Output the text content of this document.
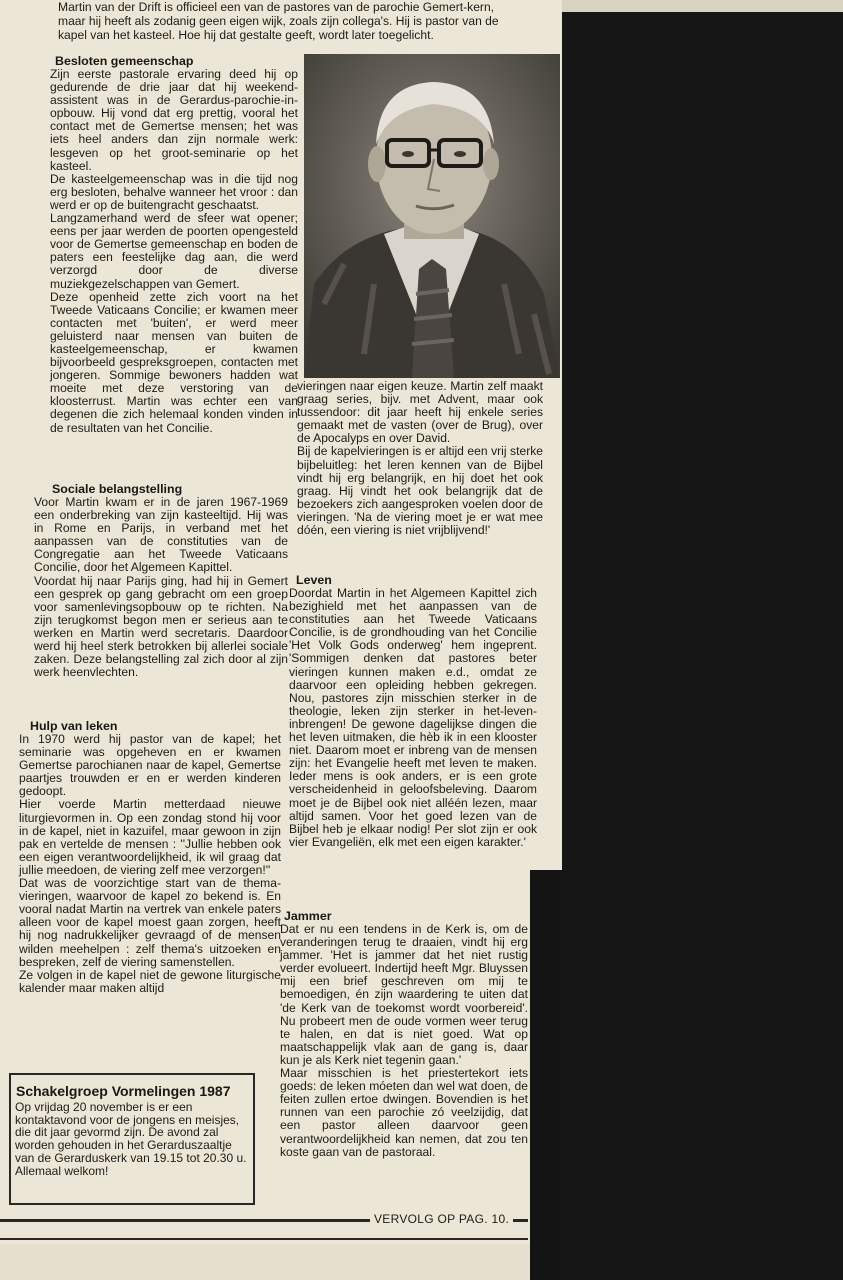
Martin van der Drift is officieel een van de pastores van de parochie Gemert-kern,
maar hij heeft als zodanig geen eigen wijk, zoals zijn collega's. Hij is pastor van de
kapel van het kasteel. Hoe hij dat gestalte geeft, wordt later toegelicht.
Besloten gemeenschap

Zijn eerste pastorale ervaring deed hij op gedurende de drie jaar dat hij weekend-assistent was in de Gerardus-parochie-in-opbouw. Hij vond dat erg prettig, vooral het contact met de Gemertse mensen; het was iets heel anders dan zijn normale werk: lesgeven op het groot-seminarie op het kasteel.

De kasteelgemeenschap was in die tijd nog erg besloten, behalve wanneer het vroor : dan werd er op de buitengracht geschaatst.

Langzamerhand werd de sfeer wat opener; eens per jaar werden de poorten opengesteld voor de Gemertse gemeenschap en boden de paters een feestelijke dag aan, die werd verzorgd door de diverse muziekgezelschappen van Gemert.

Deze openheid zette zich voort na het Tweede Vaticaans Concilie; er kwamen meer contacten met 'buiten', er werd meer geluisterd naar mensen van buiten de kasteelgemeenschap, er kwamen bijvoorbeeld gespreksgroepen, contacten met jongeren. Sommige bewoners hadden wat moeite met deze verstoring van de kloosterrust. Martin was echter een van degenen die zich helemaal konden vinden in de resultaten van het Concilie.

vieringen naar eigen keuze. Martin zelf maakt graag series, bijv. met Advent, maar ook tussendoor: dit jaar heeft hij enkele series gemaakt met de vasten (over de Brug), over de Apocalyps en over David.

Bij de kapelvieringen is er altijd een vrij sterke bijbeluitleg: het leren kennen van de Bijbel vindt hij erg belangrijk, en hij doet het ook graag. Hij vindt het ook belangrijk dat de bezoekers zich aangesproken voelen door de vieringen. 'Na de viering moet je er wat mee dóén, een viering is niet vrijblijvend!'

Sociale belangstelling

Voor Martin kwam er in de jaren 1967-1969 een onderbreking van zijn kasteeltijd. Hij was in Rome en Parijs, in verband met het aanpassen van de constituties van de Congregatie aan het Tweede Vaticaans Concilie, door het Algemeen Kapittel.

Voordat hij naar Parijs ging, had hij in Gemert een gesprek op gang gebracht om een groep voor samenlevingsopbouw op te richten. Na zijn terugkomst begon men er serieus aan te werken en Martin werd secretaris. Daardoor werd hij heel sterk betrokken bij allerlei sociale zaken. Deze belangstelling zal zich door al zijn werk heenvlechten.

Hulp van leken

In 1970 werd hij pastor van de kapel; het seminarie was opgeheven en er kwamen Gemertse parochianen naar de kapel, Gemertse paartjes trouwden er en er werden kinderen gedoopt.

Hier voerde Martin metterdaad nieuwe liturgievormen in. Op een zondag stond hij voor in de kapel, niet in kazuifel, maar gewoon in zijn pak en vertelde de mensen : ''Jullie hebben ook een eigen verantwoordelijkheid, ik wil graag dat jullie meedoen, de viering zelf mee verzorgen!''

Dat was de voorzichtige start van de thema-vieringen, waarvoor de kapel zo bekend is. En vooral nadat Martin na vertrek van enkele paters alleen voor de kapel moest gaan zorgen, heeft hij nog nadrukkelijker gevraagd of de mensen wilden meehelpen : zelf thema's uitzoeken en bespreken, zelf de viering samenstellen.

Ze volgen in de kapel niet de gewone liturgische kalender maar maken altijd

Leven

Doordat Martin in het Algemeen Kapittel zich bezighield met het aanpassen van de constituties aan het Tweede Vaticaans Concilie, is de grondhouding van het Concilie 'Het Volk Gods onderweg' hem ingeprent. 'Sommigen denken dat pastores beter vieringen kunnen maken e.d., omdat ze daarvoor een opleiding hebben gekregen. Nou, pastores zijn misschien sterker in de theologie, leken zijn sterker in het-leven-inbrengen! De gewone dagelijkse dingen die het leven uitmaken, die hèb ik in een klooster niet. Daarom moet er inbreng van de mensen zijn: het Evangelie heeft met leven te maken. Ieder mens is ook anders, er is een grote verscheidenheid in geloofsbeleving. Daarom moet je de Bijbel ook niet alléén lezen, maar altijd samen. Voor het goed lezen van de Bijbel heb je elkaar nodig! Per slot zijn er ook vier Evangeliën, elk met een eigen karakter.'

Jammer

Dat er nu een tendens in de Kerk is, om de veranderingen terug te draaien, vindt hij erg jammer. 'Het is jammer dat het niet rustig verder evolueert. Indertijd heeft Mgr. Bluyssen mij een brief geschreven om mij te bemoedigen, én zijn waardering te uiten dat 'de Kerk van de toekomst wordt voorbereid'. Nu probeert men de oude vormen weer terug te halen, en dat is niet goed. Wat op maatschappelijk vlak aan de gang is, daar kun je als Kerk niet tegenin gaan.'

Maar misschien is het priestertekort iets goeds: de leken móeten dan wel wat doen, de feiten zullen ertoe dwingen. Bovendien is het runnen van een parochie zó veelzijdig, dat een pastor alleen daarvoor geen verantwoordelijkheid kan nemen, dat zou ten koste gaan van de pastoraal.

Schakelgroep Vormelingen 1987
Op vrijdag 20 november is er een kontaktavond voor de jongens en meisjes, die dit jaar gevormd zijn. De avond zal worden gehouden in het Gerarduszaaltje van de Gerarduskerk van 19.15 tot 20.30 u. Allemaal welkom!
VERVOLG OP PAG. 10.
